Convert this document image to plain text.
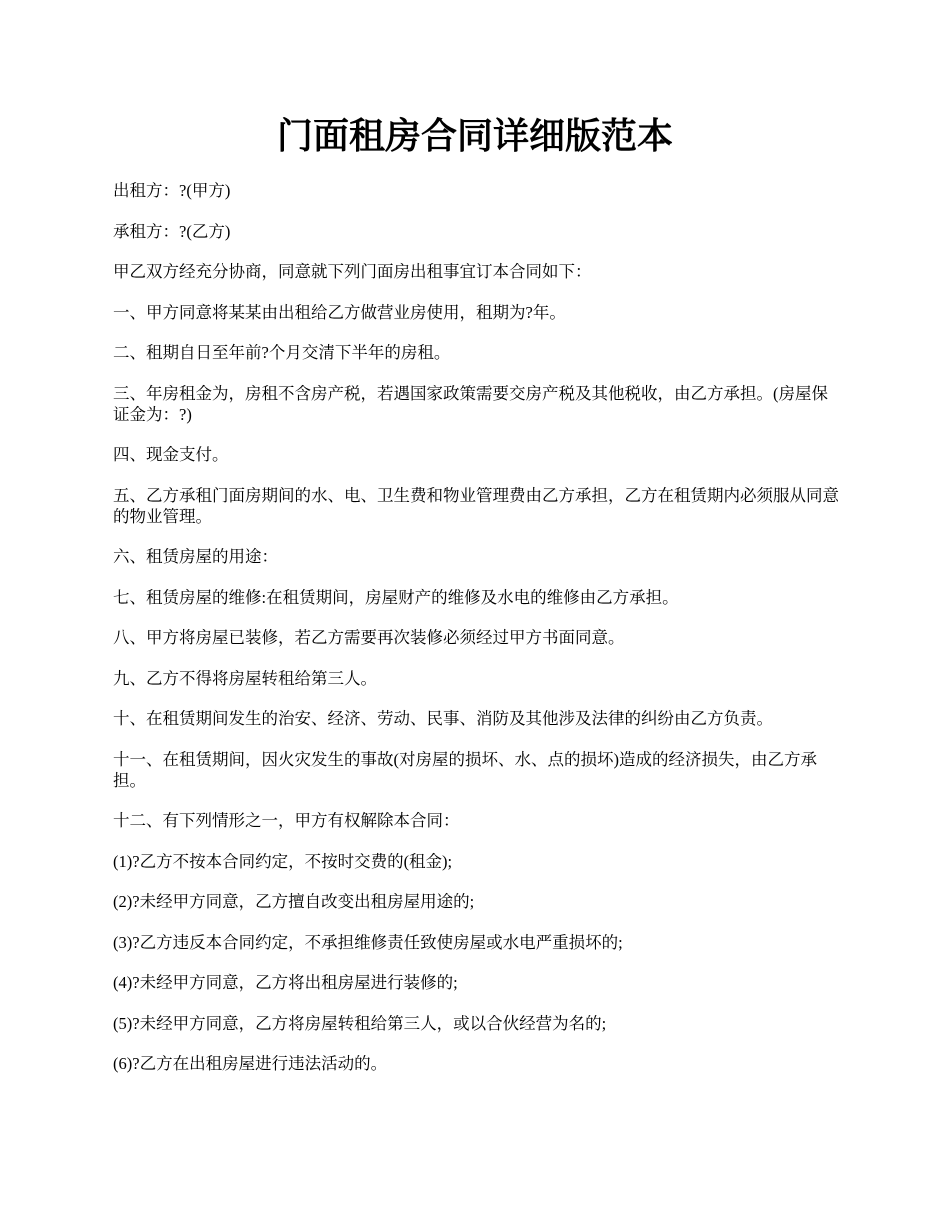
门面租房合同详细版范本

出租方：?(甲方)

承租方：?(乙方)

甲乙双方经充分协商，同意就下列门面房出租事宜订本合同如下：

一、甲方同意将某某由出租给乙方做营业房使用，租期为?年。

二、租期自日至年前?个月交清下半年的房租。

三、年房租金为，房租不含房产税，若遇国家政策需要交房产税及其他税收，由乙方承担。(房屋保证金为：?)

四、现金支付。

五、乙方承租门面房期间的水、电、卫生费和物业管理费由乙方承担，乙方在租赁期内必须服从同意的物业管理。

六、租赁房屋的用途：

七、租赁房屋的维修:在租赁期间，房屋财产的维修及水电的维修由乙方承担。

八、甲方将房屋已装修，若乙方需要再次装修必须经过甲方书面同意。

九、乙方不得将房屋转租给第三人。

十、在租赁期间发生的治安、经济、劳动、民事、消防及其他涉及法律的纠纷由乙方负责。

十一、在租赁期间，因火灾发生的事故(对房屋的损坏、水、点的损坏)造成的经济损失，由乙方承担。

十二、有下列情形之一，甲方有权解除本合同：

(1)?乙方不按本合同约定，不按时交费的(租金);

(2)?未经甲方同意，乙方擅自改变出租房屋用途的;

(3)?乙方违反本合同约定，不承担维修责任致使房屋或水电严重损坏的;

(4)?未经甲方同意，乙方将出租房屋进行装修的;

(5)?未经甲方同意，乙方将房屋转租给第三人，或以合伙经营为名的;

(6)?乙方在出租房屋进行违法活动的。
